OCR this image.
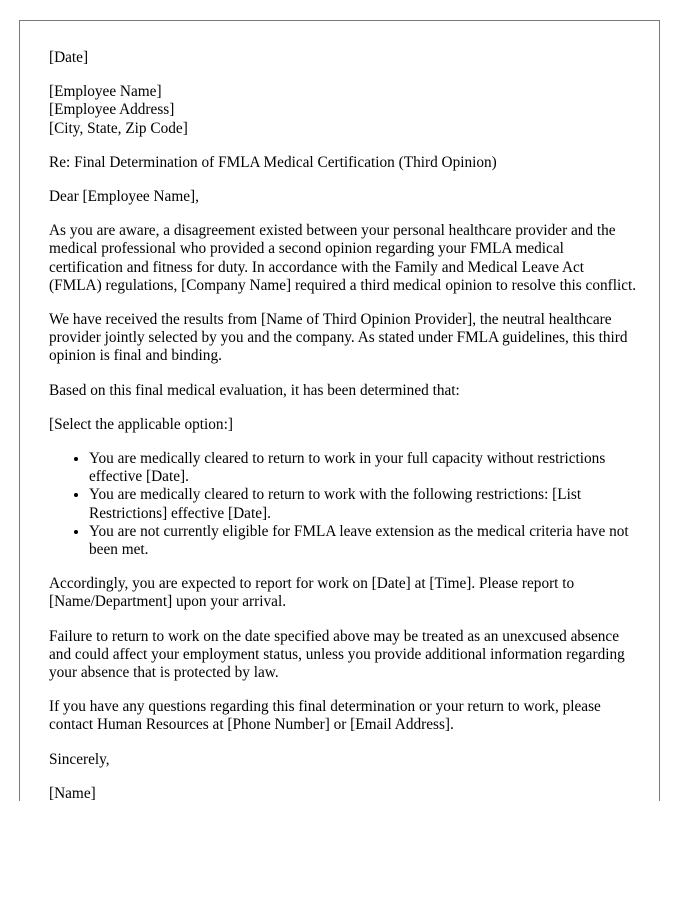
[Date]
[Employee Name]
[Employee Address]
[City, State, Zip Code]
Re: Final Determination of FMLA Medical Certification (Third Opinion)
Dear [Employee Name],
As you are aware, a disagreement existed between your personal healthcare provider and the medical professional who provided a second opinion regarding your FMLA medical certification and fitness for duty. In accordance with the Family and Medical Leave Act (FMLA) regulations, [Company Name] required a third medical opinion to resolve this conflict.
We have received the results from [Name of Third Opinion Provider], the neutral healthcare provider jointly selected by you and the company. As stated under FMLA guidelines, this third opinion is final and binding.
Based on this final medical evaluation, it has been determined that:
[Select the applicable option:]
• You are medically cleared to return to work in your full capacity without restrictions effective [Date].
• You are medically cleared to return to work with the following restrictions: [List Restrictions] effective [Date].
• You are not currently eligible for FMLA leave extension as the medical criteria have not been met.
Accordingly, you are expected to report for work on [Date] at [Time]. Please report to [Name/Department] upon your arrival.
Failure to return to work on the date specified above may be treated as an unexcused absence and could affect your employment status, unless you provide additional information regarding your absence that is protected by law.
If you have any questions regarding this final determination or your return to work, please contact Human Resources at [Phone Number] or [Email Address].
Sincerely,
[Name]
